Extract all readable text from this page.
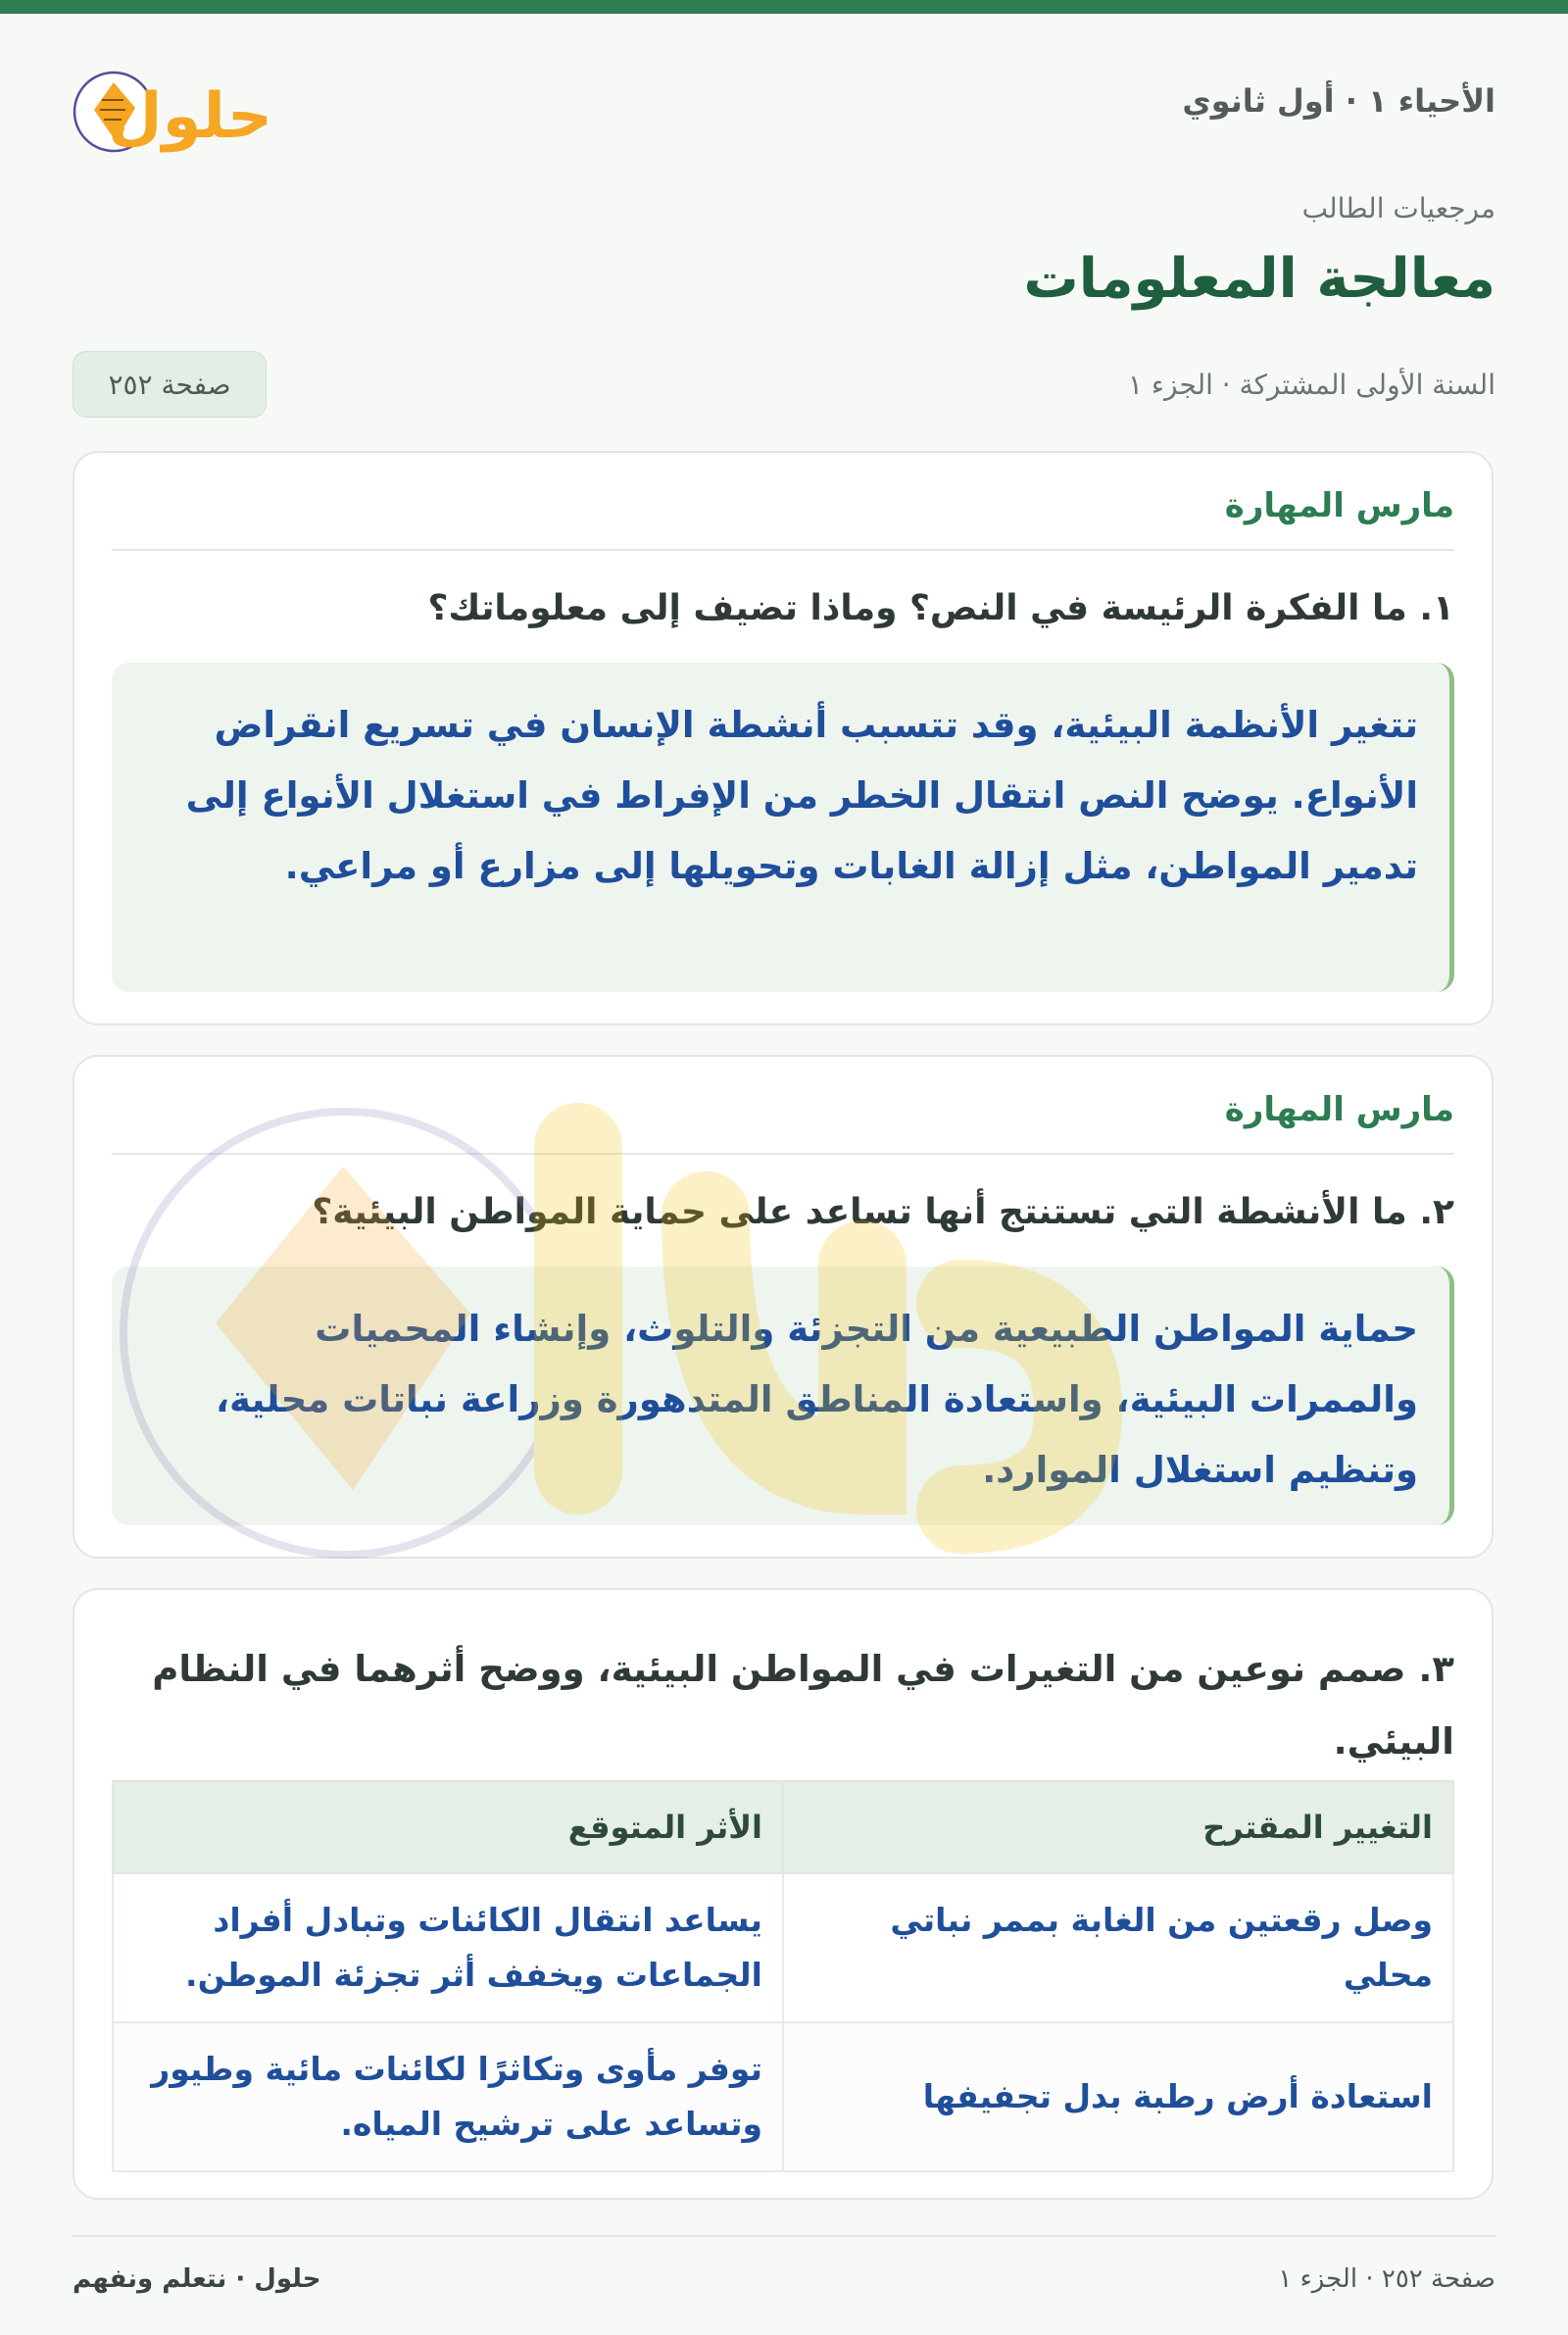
الأحياء ١ · أول ثانوي
حلول
مرجعيات الطالب
معالجة المعلومات
السنة الأولى المشتركة · الجزء ١
صفحة ٢٥٢
مارس المهارة
١. ما الفكرة الرئيسة في النص؟ وماذا تضيف إلى معلوماتك؟
تتغير الأنظمة البيئية، وقد تتسبب أنشطة الإنسان في تسريع انقراض الأنواع. يوضح النص انتقال الخطر من الإفراط في استغلال الأنواع إلى تدمير المواطن، مثل إزالة الغابات وتحويلها إلى مزارع أو مراعي.
مارس المهارة
٢. ما الأنشطة التي تستنتج أنها تساعد على حماية المواطن البيئية؟
حماية المواطن الطبيعية من التجزئة والتلوث، وإنشاء المحميات والممرات البيئية، واستعادة المناطق المتدهورة وزراعة نباتات محلية، وتنظيم استغلال الموارد.
٣. صمم نوعين من التغيرات في المواطن البيئية، ووضح أثرهما في النظام البيئي.
التغيير المقترح	الأثر المتوقع
وصل رقعتين من الغابة بممر نباتي محلي	يساعد انتقال الكائنات وتبادل أفراد الجماعات ويخفف أثر تجزئة الموطن.
استعادة أرض رطبة بدل تجفيفها	توفر مأوى وتكاثرًا لكائنات مائية وطيور وتساعد على ترشيح المياه.
صفحة ٢٥٢ · الجزء ١
حلول · نتعلم ونفهم
